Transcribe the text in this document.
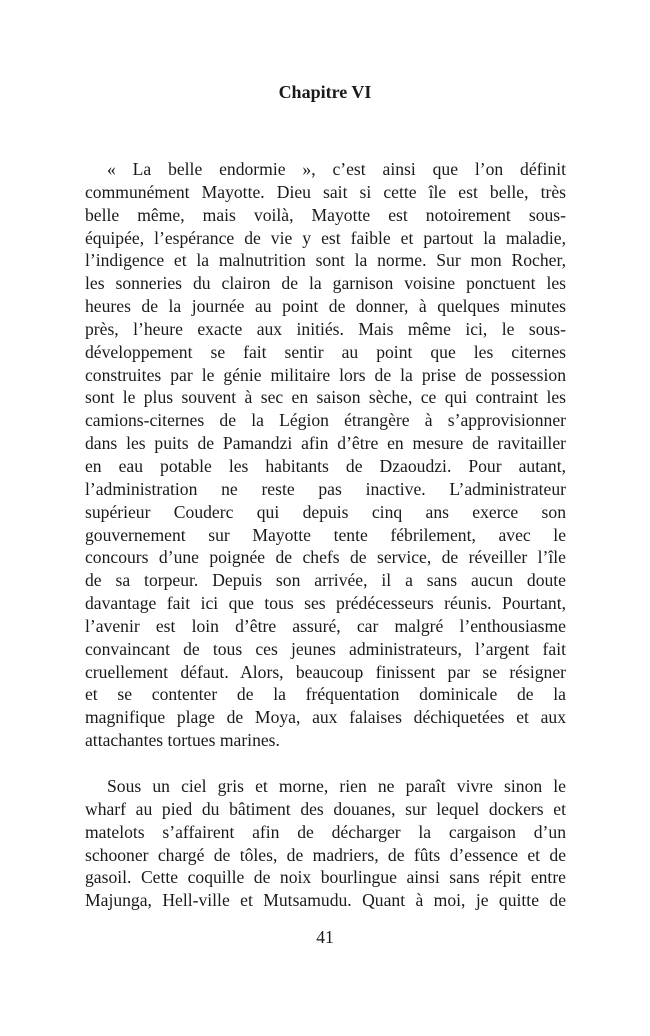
Chapitre VI
« La belle endormie », c’est ainsi que l’on définit
communément Mayotte. Dieu sait si cette île est belle, très
belle même, mais voilà, Mayotte est notoirement sous-
équipée, l’espérance de vie y est faible et partout la maladie,
l’indigence et la malnutrition sont la norme. Sur mon Rocher,
les sonneries du clairon de la garnison voisine ponctuent les
heures de la journée au point de donner, à quelques minutes
près, l’heure exacte aux initiés. Mais même ici, le sous-
développement se fait sentir au point que les citernes
construites par le génie militaire lors de la prise de possession
sont le plus souvent à sec en saison sèche, ce qui contraint les
camions-citernes de la Légion étrangère à s’approvisionner
dans les puits de Pamandzi afin d’être en mesure de ravitailler
en eau potable les habitants de Dzaoudzi. Pour autant,
l’administration ne reste pas inactive. L’administrateur
supérieur Couderc qui depuis cinq ans exerce son
gouvernement sur Mayotte tente fébrilement, avec le
concours d’une poignée de chefs de service, de réveiller l’île
de sa torpeur. Depuis son arrivée, il a sans aucun doute
davantage fait ici que tous ses prédécesseurs réunis. Pourtant,
l’avenir est loin d’être assuré, car malgré l’enthousiasme
convaincant de tous ces jeunes administrateurs, l’argent fait
cruellement défaut. Alors, beaucoup finissent par se résigner
et se contenter de la fréquentation dominicale de la
magnifique plage de Moya, aux falaises déchiquetées et aux
attachantes tortues marines.
Sous un ciel gris et morne, rien ne paraît vivre sinon le
wharf au pied du bâtiment des douanes, sur lequel dockers et
matelots s’affairent afin de décharger la cargaison d’un
schooner chargé de tôles, de madriers, de fûts d’essence et de
gasoil. Cette coquille de noix bourlingue ainsi sans répit entre
Majunga, Hell-ville et Mutsamudu. Quant à moi, je quitte de
41
